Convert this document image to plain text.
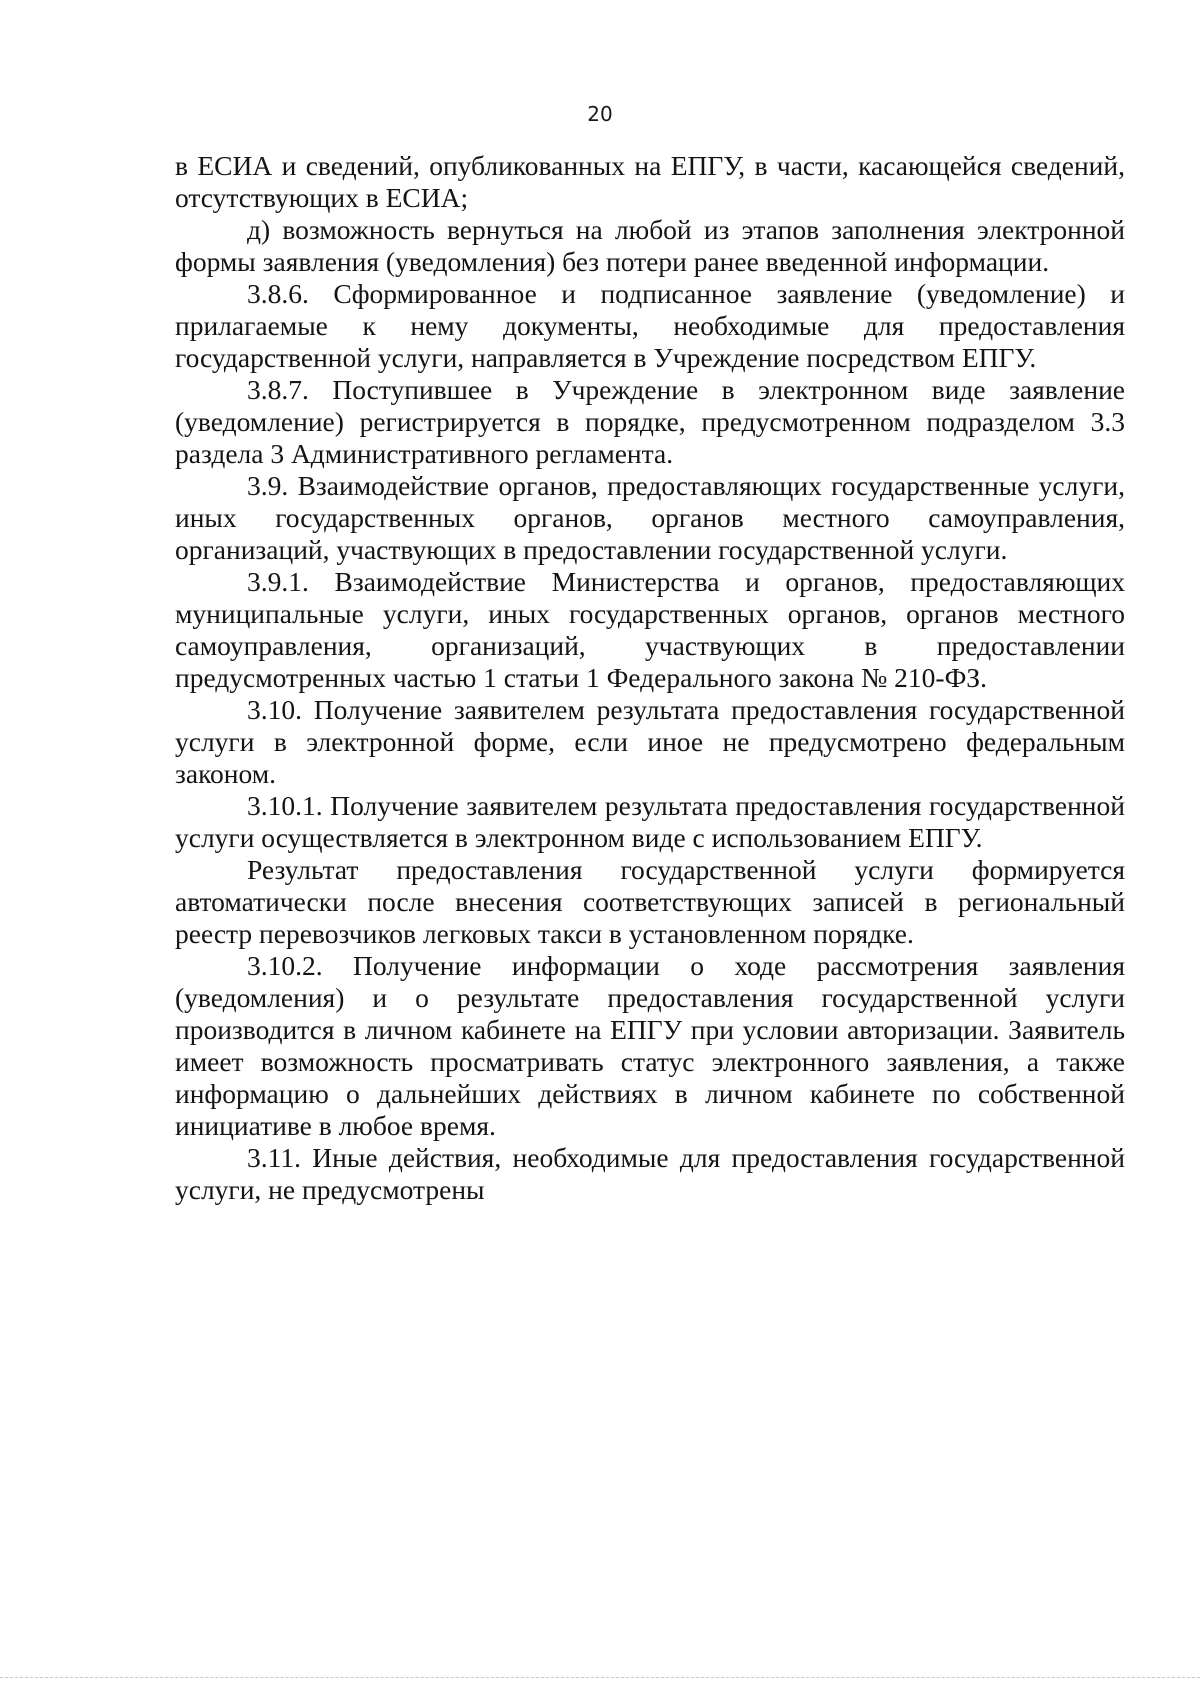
20

в ЕСИА и сведений, опубликованных на ЕПГУ, в части, касающейся сведений, отсутствующих в ЕСИА;

д) возможность вернуться на любой из этапов заполнения электронной формы заявления (уведомления) без потери ранее введенной информации.

3.8.6. Сформированное и подписанное заявление (уведомление) и прилагаемые к нему документы, необходимые для предоставления государственной услуги, направляется в Учреждение посредством ЕПГУ.

3.8.7. Поступившее в Учреждение в электронном виде заявление (уведомление) регистрируется в порядке, предусмотренном подразделом 3.3 раздела 3 Административного регламента.

3.9. Взаимодействие органов, предоставляющих государственные услуги, иных государственных органов, органов местного самоуправления, организаций, участвующих в предоставлении государственной услуги.

3.9.1. Взаимодействие Министерства и органов, предоставляющих муниципальные услуги, иных государственных органов, органов местного самоуправления, организаций, участвующих в предоставлении предусмотренных частью 1 статьи 1 Федерального закона № 210-ФЗ.

3.10. Получение заявителем результата предоставления государственной услуги в электронной форме, если иное не предусмотрено федеральным законом.

3.10.1. Получение заявителем результата предоставления государственной услуги осуществляется в электронном виде с использованием ЕПГУ.

Результат предоставления государственной услуги формируется автоматически после внесения соответствующих записей в региональный реестр перевозчиков легковых такси в установленном порядке.

3.10.2. Получение информации о ходе рассмотрения заявления (уведомления) и о результате предоставления государственной услуги производится в личном кабинете на ЕПГУ при условии авторизации. Заявитель имеет возможность просматривать статус электронного заявления, а также информацию о дальнейших действиях в личном кабинете по собственной инициативе в любое время.

3.11. Иные действия, необходимые для предоставления государственной услуги, не предусмотрены
